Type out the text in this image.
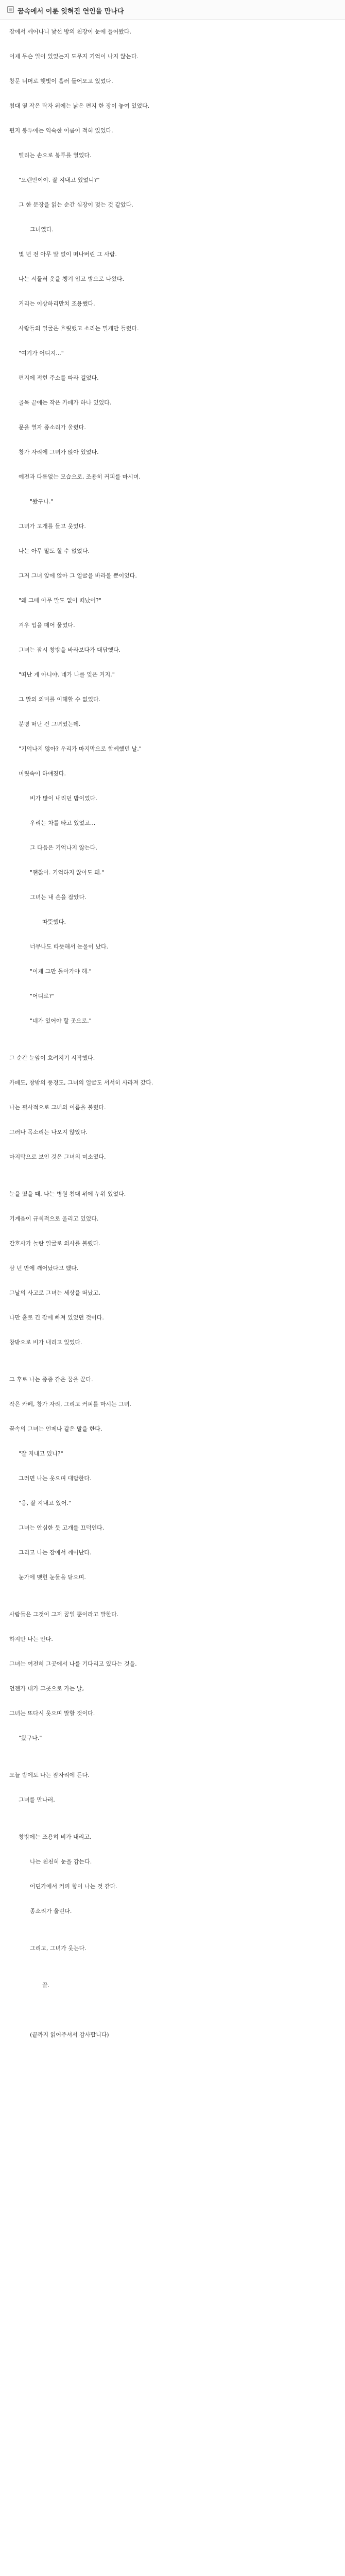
▤ 꿈속에서 이룬 잊혀진 연인을 만나다
잠에서 깨어나니 낯선 방의 천장이 눈에 들어왔다.
어제 무슨 일이 있었는지 도무지 기억이 나지 않는다.
창문 너머로 햇빛이 흘러 들어오고 있었다.
침대 옆 작은 탁자 위에는 낡은 편지 한 장이 놓여 있었다.
편지 봉투에는 익숙한 이름이 적혀 있었다.
떨리는 손으로 봉투를 열었다.
"오랜만이야. 잘 지내고 있었니?"
그 한 문장을 읽는 순간 심장이 멎는 것 같았다.
그녀였다.
몇 년 전 아무 말 없이 떠나버린 그 사람.
나는 서둘러 옷을 챙겨 입고 밖으로 나왔다.
거리는 이상하리만치 조용했다.
사람들의 얼굴은 흐릿했고 소리는 멀게만 들렸다.
"여기가 어디지..."
편지에 적힌 주소를 따라 걸었다.
골목 끝에는 작은 카페가 하나 있었다.
문을 열자 종소리가 울렸다.
창가 자리에 그녀가 앉아 있었다.
예전과 다름없는 모습으로, 조용히 커피를 마시며.
"왔구나."
그녀가 고개를 들고 웃었다.
나는 아무 말도 할 수 없었다.
그저 그녀 앞에 앉아 그 얼굴을 바라볼 뿐이었다.
"왜 그때 아무 말도 없이 떠났어?"
겨우 입을 떼어 물었다.
그녀는 잠시 창밖을 바라보다가 대답했다.
"떠난 게 아니야. 네가 나를 잊은 거지."
그 말의 의미를 이해할 수 없었다.
분명 떠난 건 그녀였는데.
"기억나지 않아? 우리가 마지막으로 함께했던 날."
머릿속이 하얘졌다.
비가 많이 내리던 밤이었다.
우리는 차를 타고 있었고...
그 다음은 기억나지 않는다.
"괜찮아. 기억하지 않아도 돼."
그녀는 내 손을 잡았다.
따뜻했다.
너무나도 따뜻해서 눈물이 났다.
"이제 그만 돌아가야 해."
"어디로?"
"네가 있어야 할 곳으로."
그 순간 눈앞이 흐려지기 시작했다.
카페도, 창밖의 풍경도, 그녀의 얼굴도 서서히 사라져 갔다.
나는 필사적으로 그녀의 이름을 불렀다.
그러나 목소리는 나오지 않았다.
마지막으로 보인 것은 그녀의 미소였다.
눈을 떴을 때, 나는 병원 침대 위에 누워 있었다.
기계음이 규칙적으로 울리고 있었다.
간호사가 놀란 얼굴로 의사를 불렀다.
삼 년 만에 깨어났다고 했다.
그날의 사고로 그녀는 세상을 떠났고,
나만 홀로 긴 잠에 빠져 있었던 것이다.
창밖으로 비가 내리고 있었다.
그 후로 나는 종종 같은 꿈을 꾼다.
작은 카페, 창가 자리, 그리고 커피를 마시는 그녀.
꿈속의 그녀는 언제나 같은 말을 한다.
"잘 지내고 있니?"
그러면 나는 웃으며 대답한다.
"응, 잘 지내고 있어."
그녀는 안심한 듯 고개를 끄덕인다.
그리고 나는 잠에서 깨어난다.
눈가에 맺힌 눈물을 닦으며.
사람들은 그것이 그저 꿈일 뿐이라고 말한다.
하지만 나는 안다.
그녀는 여전히 그곳에서 나를 기다리고 있다는 것을.
언젠가 내가 그곳으로 가는 날,
그녀는 또다시 웃으며 말할 것이다.
"왔구나."
오늘 밤에도 나는 잠자리에 든다.
그녀를 만나러.
창밖에는 조용히 비가 내리고,
나는 천천히 눈을 감는다.
어딘가에서 커피 향이 나는 것 같다.
종소리가 울린다.
그리고, 그녀가 웃는다.
끝.
(끝까지 읽어주셔서 감사합니다)
